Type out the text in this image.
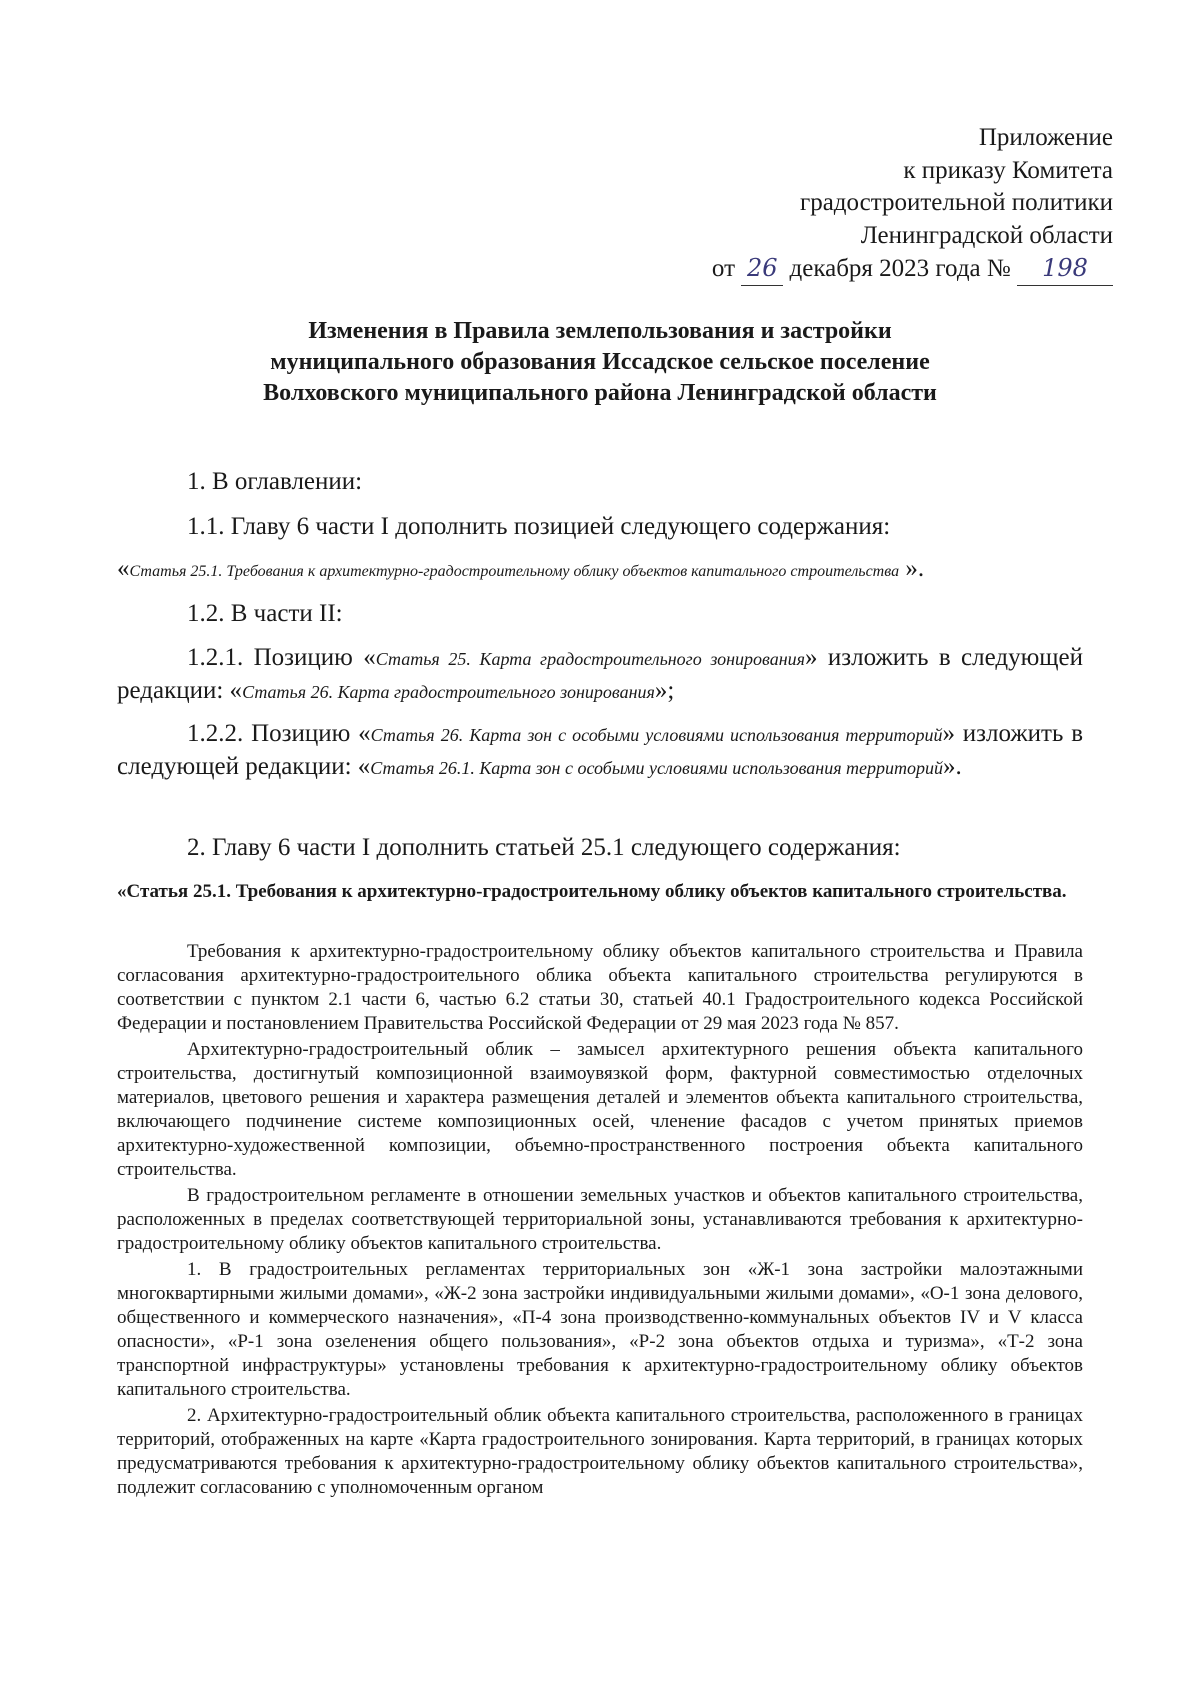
Приложение
к приказу Комитета
градостроительной политики
Ленинградской области
от 26 декабря 2023 года № 198
Изменения в Правила землепользования и застройки
муниципального образования Иссадское сельское поселение
Волховского муниципального района Ленинградской области
1. В оглавлении:
1.1. Главу 6 части I дополнить позицией следующего содержания:
«Статья 25.1. Требования к архитектурно-градостроительному облику объектов капитального строительства ».
1.2. В части II:
1.2.1. Позицию «Статья 25. Карта градостроительного зонирования» изложить в следующей редакции: «Статья 26. Карта градостроительного зонирования»;
1.2.2. Позицию «Статья 26. Карта зон с особыми условиями использования территорий» изложить в следующей редакции: «Статья 26.1. Карта зон с особыми условиями использования территорий».
2. Главу 6 части I дополнить статьей 25.1 следующего содержания:
«Статья 25.1. Требования к архитектурно-градостроительному облику объектов капитального строительства.

Требования к архитектурно-градостроительному облику объектов капитального строительства и Правила согласования архитектурно-градостроительного облика объекта капитального строительства регулируются в соответствии с пунктом 2.1 части 6, частью 6.2 статьи 30, статьей 40.1 Градостроительного кодекса Российской Федерации и постановлением Правительства Российской Федерации от 29 мая 2023 года № 857.

Архитектурно-градостроительный облик – замысел архитектурного решения объекта капитального строительства, достигнутый композиционной взаимоувязкой форм, фактурной совместимостью отделочных материалов, цветового решения и характера размещения деталей и элементов объекта капитального строительства, включающего подчинение системе композиционных осей, членение фасадов с учетом принятых приемов архитектурно-художественной композиции, объемно-пространственного построения объекта капитального строительства.

В градостроительном регламенте в отношении земельных участков и объектов капитального строительства, расположенных в пределах соответствующей территориальной зоны, устанавливаются требования к архитектурно-градостроительному облику объектов капитального строительства.

1. В градостроительных регламентах территориальных зон «Ж-1 зона застройки малоэтажными многоквартирными жилыми домами», «Ж-2 зона застройки индивидуальными жилыми домами», «О-1 зона делового, общественного и коммерческого назначения», «П-4 зона производственно-коммунальных объектов IV и V класса опасности», «Р-1 зона озеленения общего пользования», «Р-2 зона объектов отдыха и туризма», «Т-2 зона транспортной инфраструктуры» установлены требования к архитектурно-градостроительному облику объектов капитального строительства.

2. Архитектурно-градостроительный облик объекта капитального строительства, расположенного в границах территорий, отображенных на карте «Карта градостроительного зонирования. Карта территорий, в границах которых предусматриваются требования к архитектурно-градостроительному облику объектов капитального строительства», подлежит согласованию с уполномоченным органом
